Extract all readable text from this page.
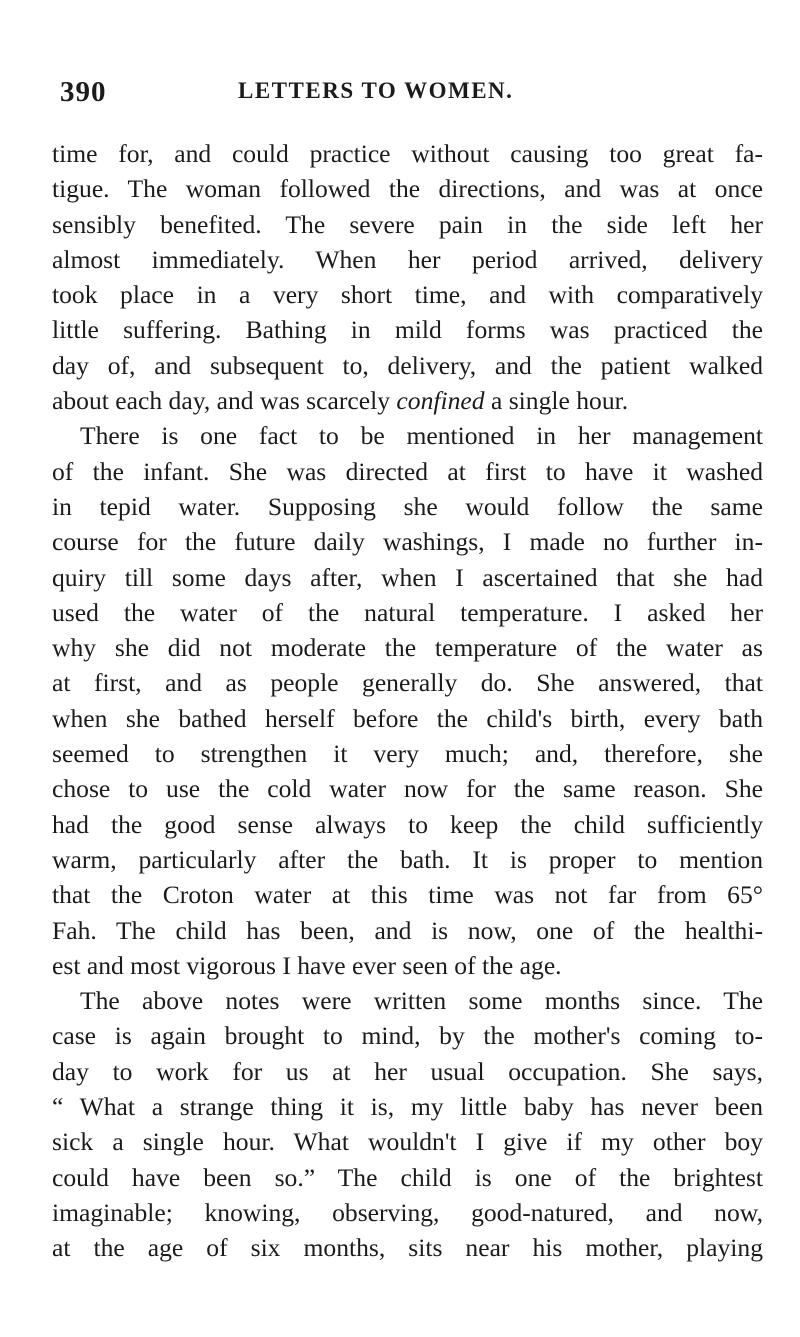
390	LETTERS TO WOMEN.
time for, and could practice without causing too great fa-
tigue. The woman followed the directions, and was at once
sensibly benefited. The severe pain in the side left her
almost immediately. When her period arrived, delivery
took place in a very short time, and with comparatively
little suffering. Bathing in mild forms was practiced the
day of, and subsequent to, delivery, and the patient walked
about each day, and was scarcely confined a single hour.
There is one fact to be mentioned in her management
of the infant. She was directed at first to have it washed
in tepid water. Supposing she would follow the same
course for the future daily washings, I made no further in-
quiry till some days after, when I ascertained that she had
used the water of the natural temperature. I asked her
why she did not moderate the temperature of the water as
at first, and as people generally do. She answered, that
when she bathed herself before the child's birth, every bath
seemed to strengthen it very much; and, therefore, she
chose to use the cold water now for the same reason. She
had the good sense always to keep the child sufficiently
warm, particularly after the bath. It is proper to mention
that the Croton water at this time was not far from 65°
Fah. The child has been, and is now, one of the healthi-
est and most vigorous I have ever seen of the age.
The above notes were written some months since. The
case is again brought to mind, by the mother's coming to-
day to work for us at her usual occupation. She says,
“ What a strange thing it is, my little baby has never been
sick a single hour. What wouldn't I give if my other boy
could have been so.” The child is one of the brightest
imaginable; knowing, observing, good-natured, and now,
at the age of six months, sits near his mother, playing
